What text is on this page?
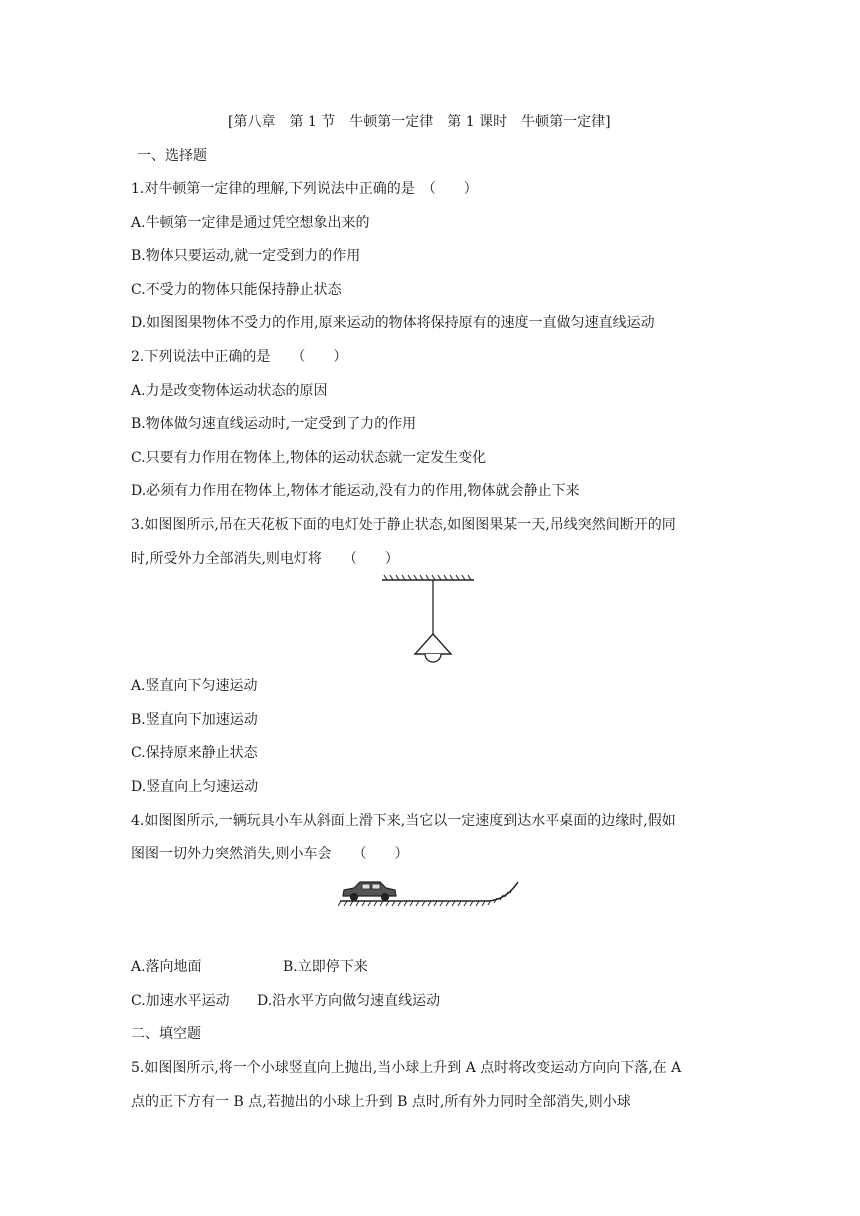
[第八章　第 1 节　牛顿第一定律　第 1 课时　牛顿第一定律]
一、选择题
1.对牛顿第一定律的理解,下列说法中正确的是　（　　）
A.牛顿第一定律是通过凭空想象出来的
B.物体只要运动,就一定受到力的作用
C.不受力的物体只能保持静止状态
D.如图图果物体不受力的作用,原来运动的物体将保持原有的速度一直做匀速直线运动
2.下列说法中正确的是　　（　　）
A.力是改变物体运动状态的原因
B.物体做匀速直线运动时,一定受到了力的作用
C.只要有力作用在物体上,物体的运动状态就一定发生变化
D.必须有力作用在物体上,物体才能运动,没有力的作用,物体就会静止下来
3.如图图所示,吊在天花板下面的电灯处于静止状态,如图图果某一天,吊线突然间断开的同
时,所受外力全部消失,则电灯将　　（　　）
A.竖直向下匀速运动
B.竖直向下加速运动
C.保持原来静止状态
D.竖直向上匀速运动
4.如图图所示,一辆玩具小车从斜面上滑下来,当它以一定速度到达水平桌面的边缘时,假如
图图一切外力突然消失,则小车会　　（　　）
A.落向地面	B.立即停下来
C.加速水平运动 D.沿水平方向做匀速直线运动
二、填空题
5.如图图所示,将一个小球竖直向上抛出,当小球上升到 A 点时将改变运动方向向下落,在 A
点的正下方有一 B 点,若抛出的小球上升到 B 点时,所有外力同时全部消失,则小球
